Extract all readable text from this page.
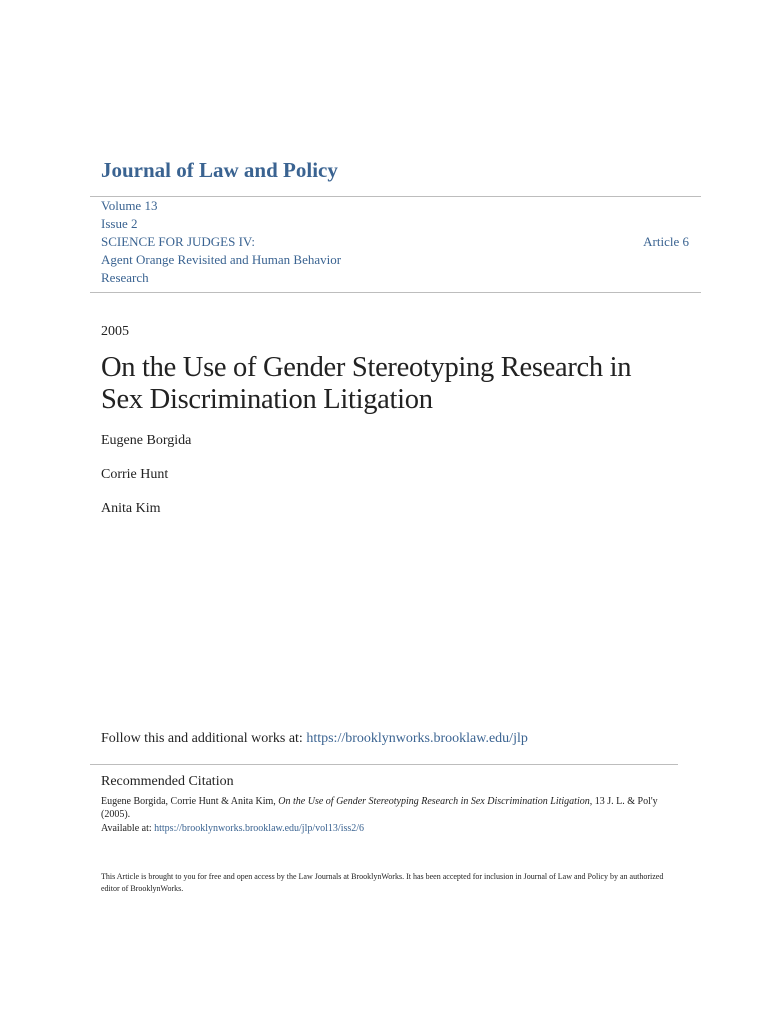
Journal of Law and Policy
Volume 13
Issue 2
SCIENCE FOR JUDGES IV:
Agent Orange Revisited and Human Behavior
Research
Article 6
2005
On the Use of Gender Stereotyping Research in Sex Discrimination Litigation
Eugene Borgida
Corrie Hunt
Anita Kim
Follow this and additional works at: https://brooklynworks.brooklaw.edu/jlp
Recommended Citation
Eugene Borgida, Corrie Hunt & Anita Kim, On the Use of Gender Stereotyping Research in Sex Discrimination Litigation, 13 J. L. & Pol'y (2005).
Available at: https://brooklynworks.brooklaw.edu/jlp/vol13/iss2/6
This Article is brought to you for free and open access by the Law Journals at BrooklynWorks. It has been accepted for inclusion in Journal of Law and Policy by an authorized editor of BrooklynWorks.
